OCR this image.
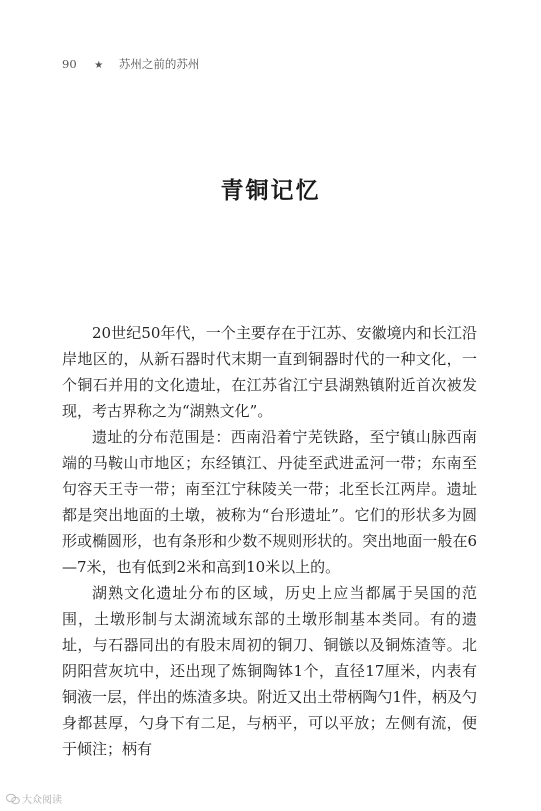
90 ★ 苏州之前的苏州
青铜记忆

20世纪50年代，一个主要存在于江苏、安徽境内和长江沿岸地区的，从新石器时代末期一直到铜器时代的一种文化，一个铜石并用的文化遗址，在江苏省江宁县湖熟镇附近首次被发现，考古界称之为“湖熟文化”。

遗址的分布范围是：西南沿着宁芜铁路，至宁镇山脉西南端的马鞍山市地区；东经镇江、丹徒至武进孟河一带；东南至句容天王寺一带；南至江宁秣陵关一带；北至长江两岸。遗址都是突出地面的土墩，被称为“台形遗址”。它们的形状多为圆形或椭圆形，也有条形和少数不规则形状的。突出地面一般在6—7米，也有低到2米和高到10米以上的。

湖熟文化遗址分布的区域，历史上应当都属于吴国的范围，土墩形制与太湖流域东部的土墩形制基本类同。有的遗址，与石器同出的有股末周初的铜刀、铜镞以及铜炼渣等。北阴阳营灰坑中，还出现了炼铜陶钵1个，直径17厘米，内表有铜液一层，伴出的炼渣多块。附近又出土带柄陶勺1件，柄及勺身都甚厚，勺身下有二足，与柄平，可以平放；左侧有流，便于倾注；柄有

大众阅读
